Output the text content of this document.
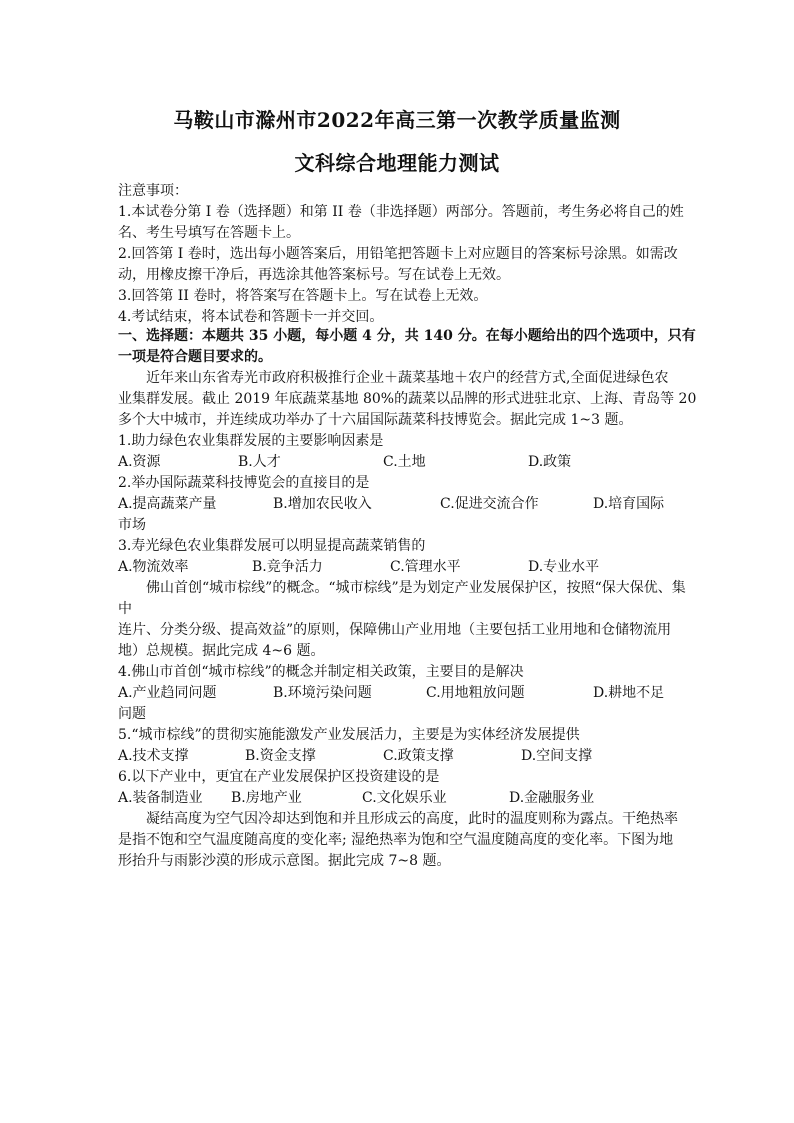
马鞍山市滁州市2022年高三第一次教学质量监测
文科综合地理能力测试
注意事项：
1.本试卷分第 I 卷（选择题）和第 II 卷（非选择题）两部分。答题前，考生务必将自己的姓
名、考生号填写在答题卡上。
2.回答第 I 卷时，选出每小题答案后，用铅笔把答题卡上对应题目的答案标号涂黑。如需改
动，用橡皮擦干净后，再选涂其他答案标号。写在试卷上无效。
3.回答第 II 卷时，将答案写在答题卡上。写在试卷上无效。
4.考试结束，将本试卷和答题卡一并交回。
一、选择题：本题共 35 小题，每小题 4 分，共 140 分。在每小题给出的四个选项中，只有
一项是符合题目要求的。
近年来山东省寿光市政府积极推行企业＋蔬菜基地＋农户的经营方式,全面促进绿色农
业集群发展。截止 2019 年底蔬菜基地 80%的蔬菜以品牌的形式进驻北京、上海、青岛等 20
多个大中城市，并连续成功举办了十六届国际蔬菜科技博览会。据此完成 1~3 题。
1.助力绿色农业集群发展的主要影响因素是
A.资源	B.人才	C.土地	D.政策
2.举办国际蔬菜科技博览会的直接目的是
A.提高蔬菜产量	B.增加农民收入	C.促进交流合作	D.培育国际
市场
3.寿光绿色农业集群发展可以明显提高蔬菜销售的
A.物流效率	B.竞争活力	C.管理水平	D.专业水平
佛山首创“城市棕线”的概念。“城市棕线”是为划定产业发展保护区，按照“保大保优、集
中
连片、分类分级、提高效益”的原则，保障佛山产业用地（主要包括工业用地和仓储物流用
地）总规模。据此完成 4~6 题。
4.佛山市首创“城市棕线”的概念并制定相关政策，主要目的是解决
A.产业趋同问题	B.环境污染问题	C.用地粗放问题	D.耕地不足
问题
5.“城市棕线”的贯彻实施能激发产业发展活力，主要是为实体经济发展提供
A.技术支撑	B.资金支撑	C.政策支撑	D.空间支撑
6.以下产业中，更宜在产业发展保护区投资建设的是
A.装备制造业 B.房地产业	C.文化娱乐业	D.金融服务业
凝结高度为空气因冷却达到饱和并且形成云的高度，此时的温度则称为露点。干绝热率
是指不饱和空气温度随高度的变化率; 湿绝热率为饱和空气温度随高度的变化率。下图为地
形抬升与雨影沙漠的形成示意图。据此完成 7~8 题。
